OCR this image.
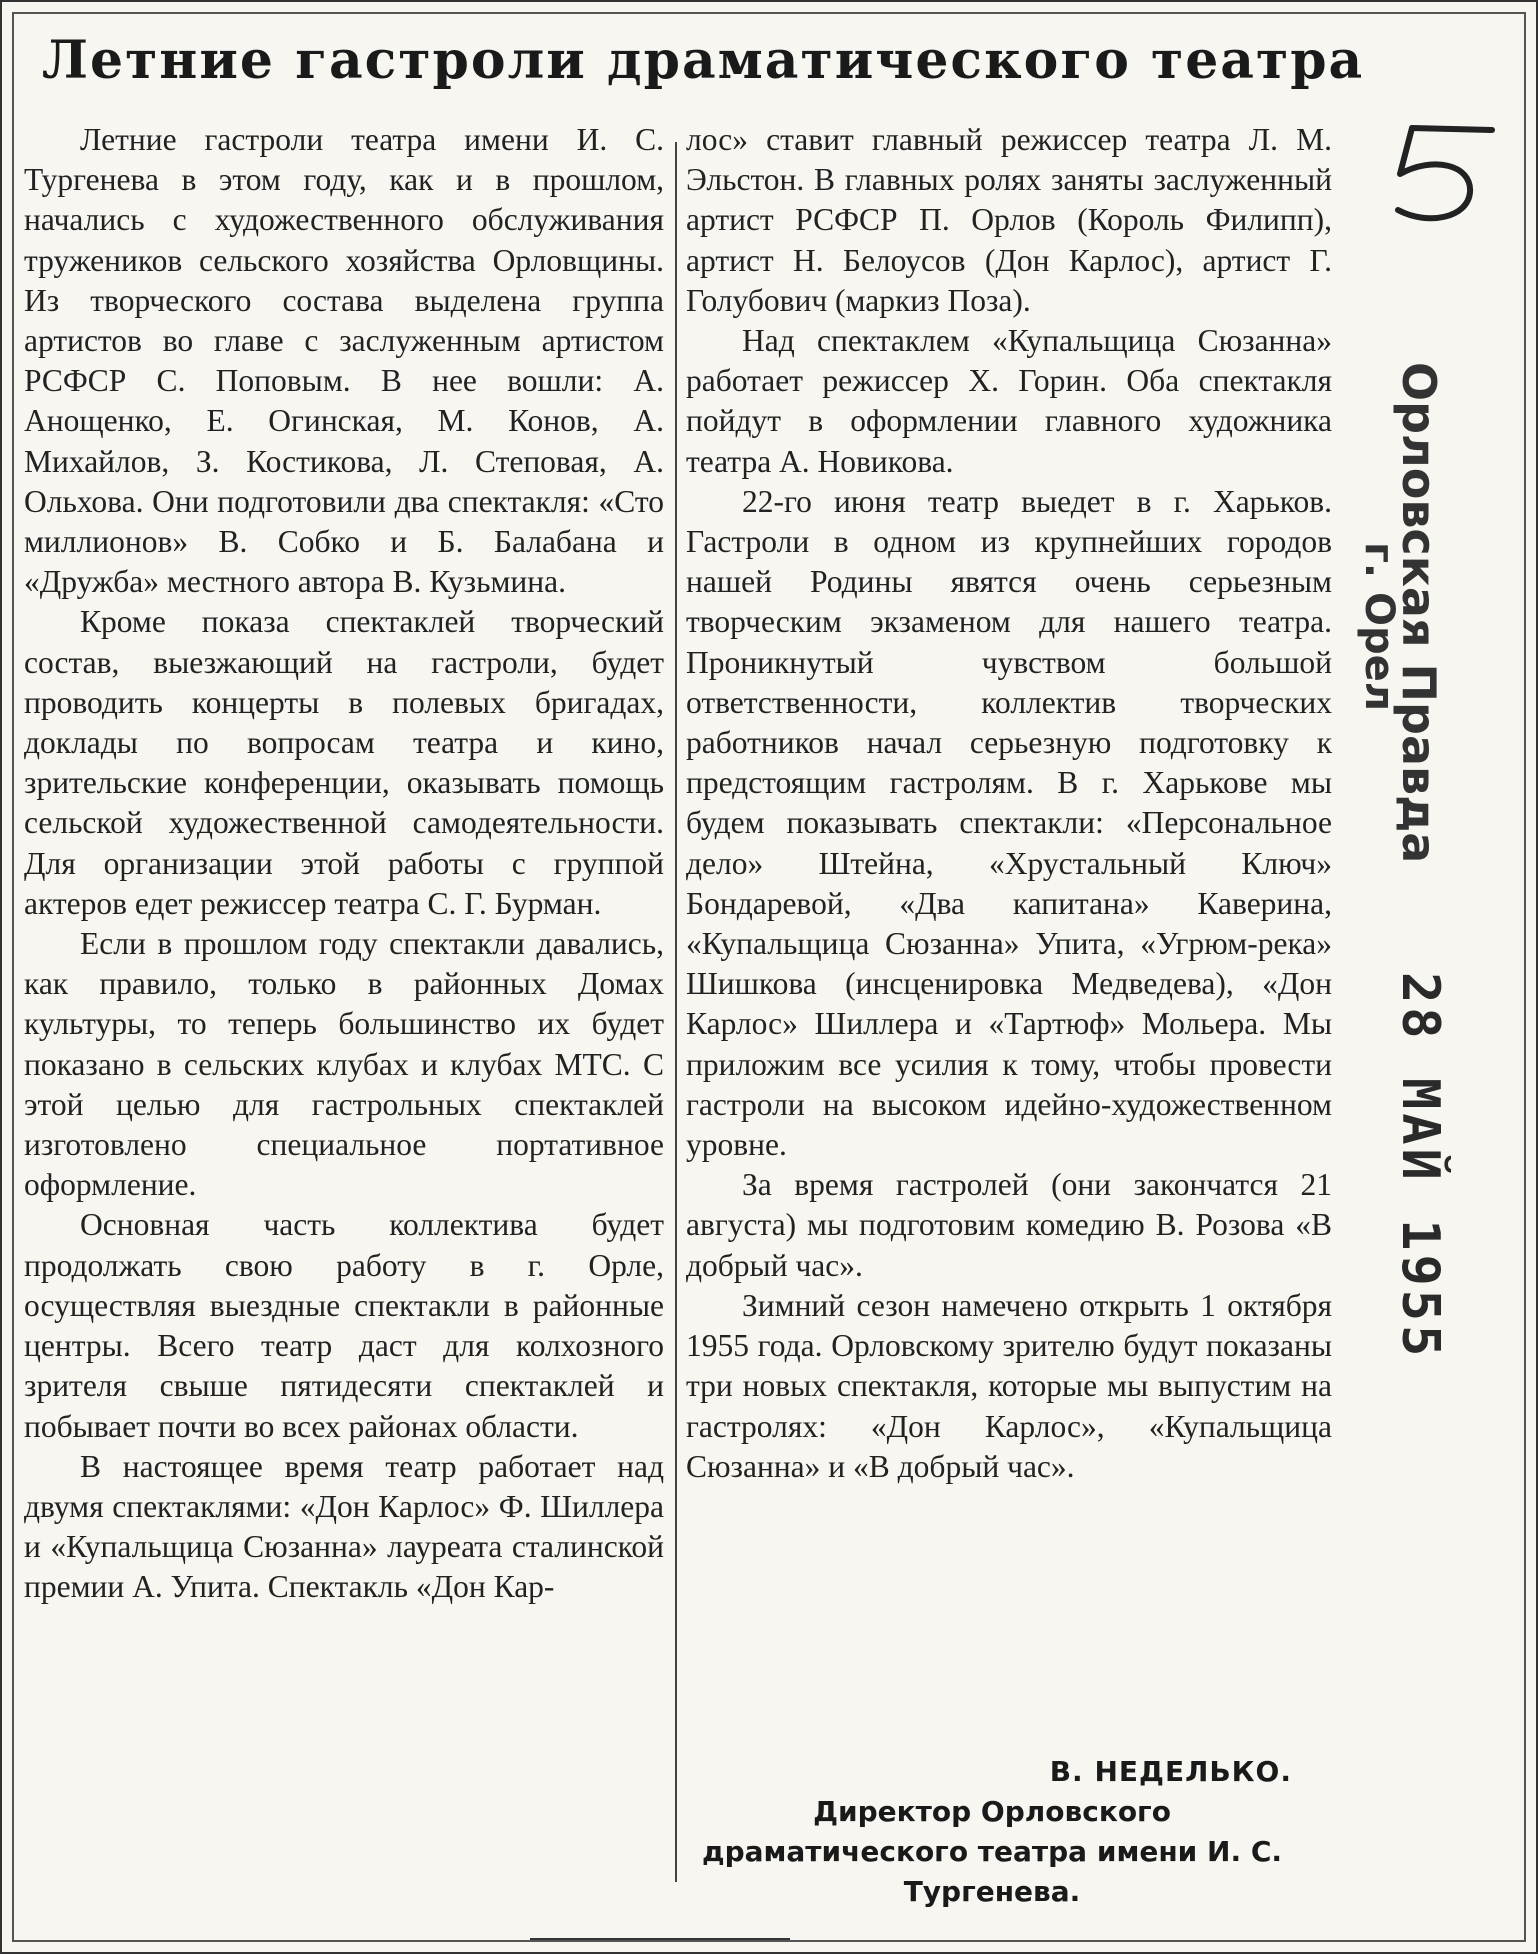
Летние гастроли драматического театра

Летние гастроли театра имени И. С. Тургенева в этом году, как и в прошлом, начались с художественного обслуживания тружеников сельского хозяйства Орловщины. Из творческого состава выделена группа артистов во главе с заслуженным артистом РСФСР С. Поповым. В нее вошли: А. Анощенко, Е. Огинская, М. Конов, А. Михайлов, З. Костикова, Л. Степовая, А. Ольхова. Они подготовили два спектакля: «Сто миллионов» В. Собко и Б. Балабана и «Дружба» местного автора В. Кузьмина.

Кроме показа спектаклей творческий состав, выезжающий на гастроли, будет проводить концерты в полевых бригадах, доклады по вопросам театра и кино, зрительские конференции, оказывать помощь сельской художественной самодеятельности. Для организации этой работы с группой актеров едет режиссер театра С. Г. Бурман.

Если в прошлом году спектакли давались, как правило, только в районных Домах культуры, то теперь большинство их будет показано в сельских клубах и клубах МТС. С этой целью для гастрольных спектаклей изготовлено специальное портативное оформление.

Основная часть коллектива будет продолжать свою работу в г. Орле, осуществляя выездные спектакли в районные центры. Всего театр даст для колхозного зрителя свыше пятидесяти спектаклей и побывает почти во всех районах области.

В настоящее время театр работает над двумя спектаклями: «Дон Карлос» Ф. Шиллера и «Купальщица Сюзанна» лауреата сталинской премии А. Упита. Спектакль «Дон Кар-

лос» ставит главный режиссер театра Л. М. Эльстон. В главных ролях заняты заслуженный артист РСФСР П. Орлов (Король Филипп), артист Н. Белоусов (Дон Карлос), артист Г. Голубович (маркиз Поза).

Над спектаклем «Купальщица Сюзанна» работает режиссер Х. Горин. Оба спектакля пойдут в оформлении главного художника театра А. Новикова.

22-го июня театр выедет в г. Харьков. Гастроли в одном из крупнейших городов нашей Родины явятся очень серьезным творческим экзаменом для нашего театра. Проникнутый чувством большой ответственности, коллектив творческих работников начал серьезную подготовку к предстоящим гастролям. В г. Харькове мы будем показывать спектакли: «Персональное дело» Штейна, «Хрустальный Ключ» Бондаревой, «Два капитана» Каверина, «Купальщица Сюзанна» Упита, «Угрюм-река» Шишкова (инсценировка Медведева), «Дон Карлос» Шиллера и «Тартюф» Мольера. Мы приложим все усилия к тому, чтобы провести гастроли на высоком идейно-художественном уровне.

За время гастролей (они закончатся 21 августа) мы подготовим комедию В. Розова «В добрый час».

Зимний сезон намечено открыть 1 октября 1955 года. Орловскому зрителю будут показаны три новых спектакля, которые мы выпустим на гастролях: «Дон Карлос», «Купальщица Сюзанна» и «В добрый час».

В. НЕДЕЛЬКО.
Директор Орловского драматического театра имени И. С. Тургенева.
Орловская Правда
г. Орел
28 МАЙ 1955
